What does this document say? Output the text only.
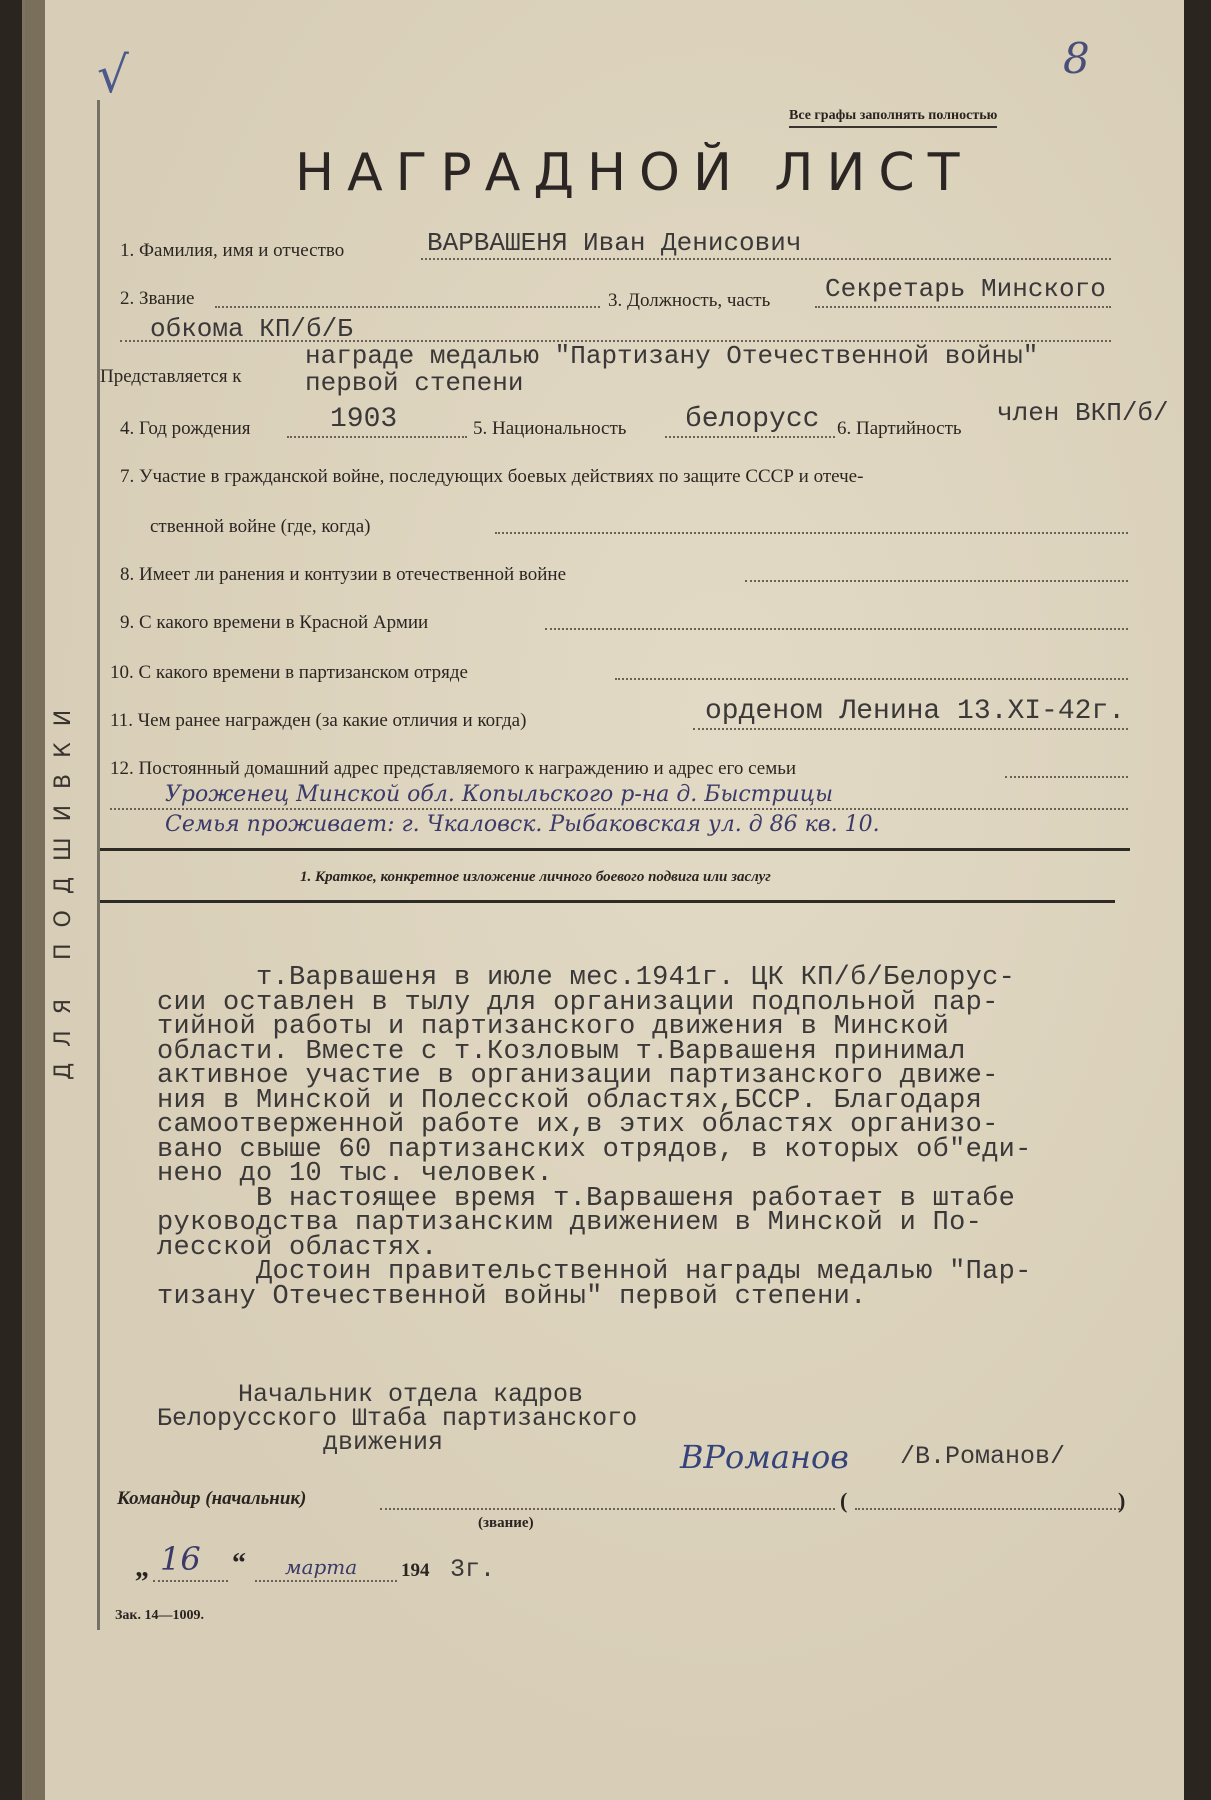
√	8
ДЛЯ ПОДШИВКИ
Все графы заполнять полностью
НАГРАДНОЙ ЛИСТ
1. Фамилия, имя и отчество	ВАРВАШЕНЯ Иван Денисович
2. Звание	3. Должность, часть Секретарь Минского
обкома КП/б/Б
Представляется к
награде медалью "Партизану Отечественной войны"
первой степени
4. Год рождения	1903	5. Национальность белорусс 6. Партийность
член ВКП/б/
7. Участие в гражданской войне, последующих боевых действиях по защите СССР и отече-
ственной войне (где, когда)
8. Имеет ли ранения и контузии в отечественной войне
9. С какого времени в Красной Армии
10. С какого времени в партизанском отряде
11. Чем ранее награжден (за какие отличия и когда)	орденом Ленина 13.XI-42г.
12. Постоянный домашний адрес представляемого к награждению и адрес его семьи
Уроженец Минской обл. Копыльского р-на д. Быстрицы
Семья проживает: г. Чкаловск. Рыбаковская ул. д 86 кв. 10.
1. Краткое, конкретное изложение личного боевого подвига или заслуг

т.Варвашеня в июле мес.1941г. ЦК КП/б/Белорус-

сии оставлен в тылу для организации подпольной пар-

тийной работы и партизанского движения в Минской

области. Вместе с т.Козловым т.Варвашеня принимал

активное участие в организации партизанского движе-

ния в Минской и Полесской областях,БССР. Благодаря

самоотверженной работе их,в этих областях организо-

вано свыше 60 партизанских отрядов, в которых об"еди-

нено до 10 тыс. человек.

В настоящее время т.Варвашеня работает в штабе

руководства партизанским движением в Минской и По-

лесской областях.

Достоин правительственной награды медалью "Пар-

тизану Отечественной войны" первой степени.

Начальник отдела кадров
Белорусского Штаба партизанского
движения	ВРоманов /В.Романов/
Командир (начальник)	(	)
(звание)
„ 16 “ марта 194 3г.
Зак. 14—1009.
